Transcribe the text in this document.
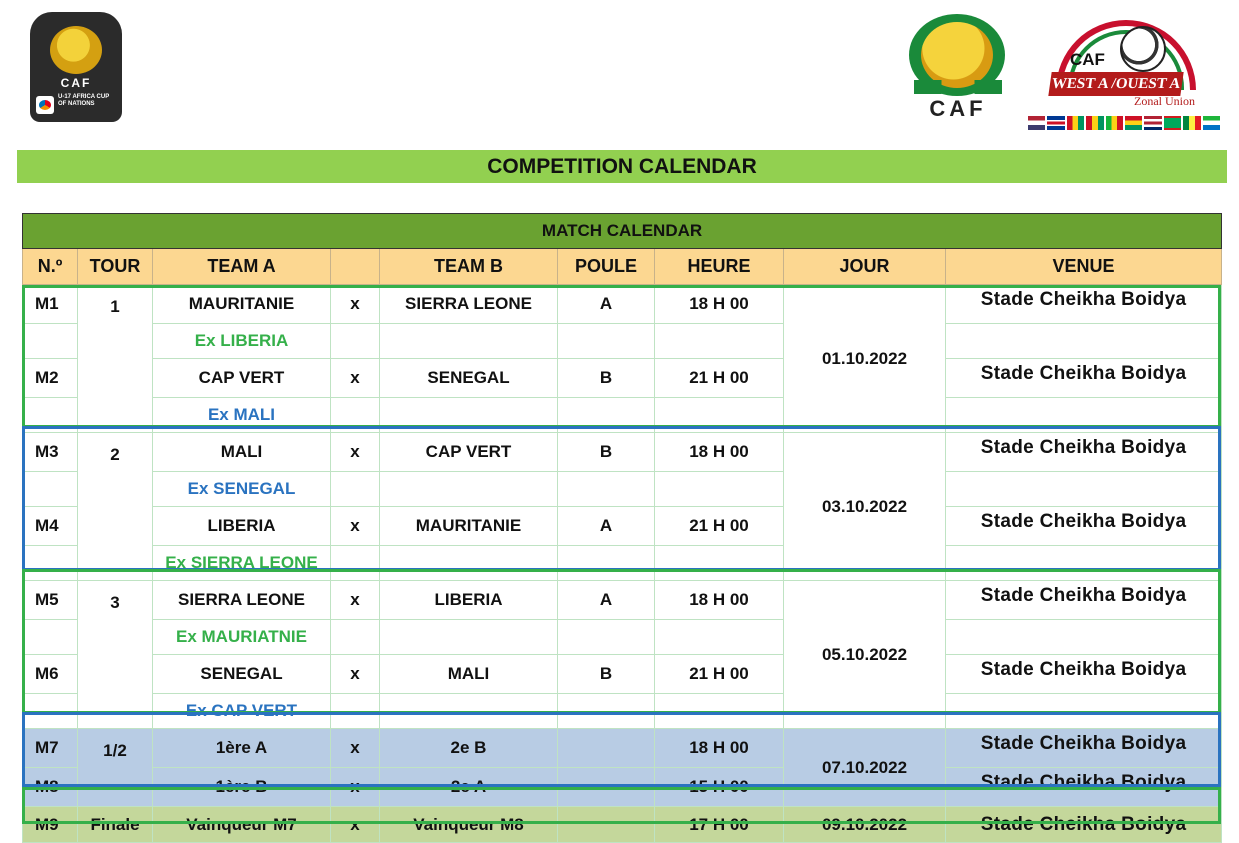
CAF
U-17 AFRICA CUP OF NATIONS	CAF
CAF
WEST A /OUEST A
Zonal Union
COMPETITION CALENDAR
MATCH CALENDAR								
N.º	TOUR	TEAM A		TEAM B	POULE	HEURE	JOUR	VENUE
M1	1	MAURITANIE	x	SIERRA LEONE	A	18 H 00	01.10.2022	Stade Cheikha Boidya
		Ex LIBERIA						
M2		CAP VERT	x	SENEGAL	B	21 H 00		Stade Cheikha Boidya
		Ex MALI						
M3	2	MALI	x	CAP VERT	B	18 H 00	03.10.2022	Stade Cheikha Boidya
		Ex SENEGAL						
M4		LIBERIA	x	MAURITANIE	A	21 H 00		Stade Cheikha Boidya
		Ex SIERRA LEONE						
M5	3	SIERRA LEONE	x	LIBERIA	A	18 H 00	05.10.2022	Stade Cheikha Boidya
		Ex MAURIATNIE						
M6		SENEGAL	x	MALI	B	21 H 00		Stade Cheikha Boidya
		Ex CAP VERT						
M7	1/2	1ère A	x	2e B		18 H 00	07.10.2022	Stade Cheikha Boidya
M8		1ère B	x	2e A		15 H 00		Stade Cheikha Boidya
M9	Finale	Vainqueur M7	x	Vainqueur M8		17 H 00	09.10.2022	Stade Cheikha Boidya
